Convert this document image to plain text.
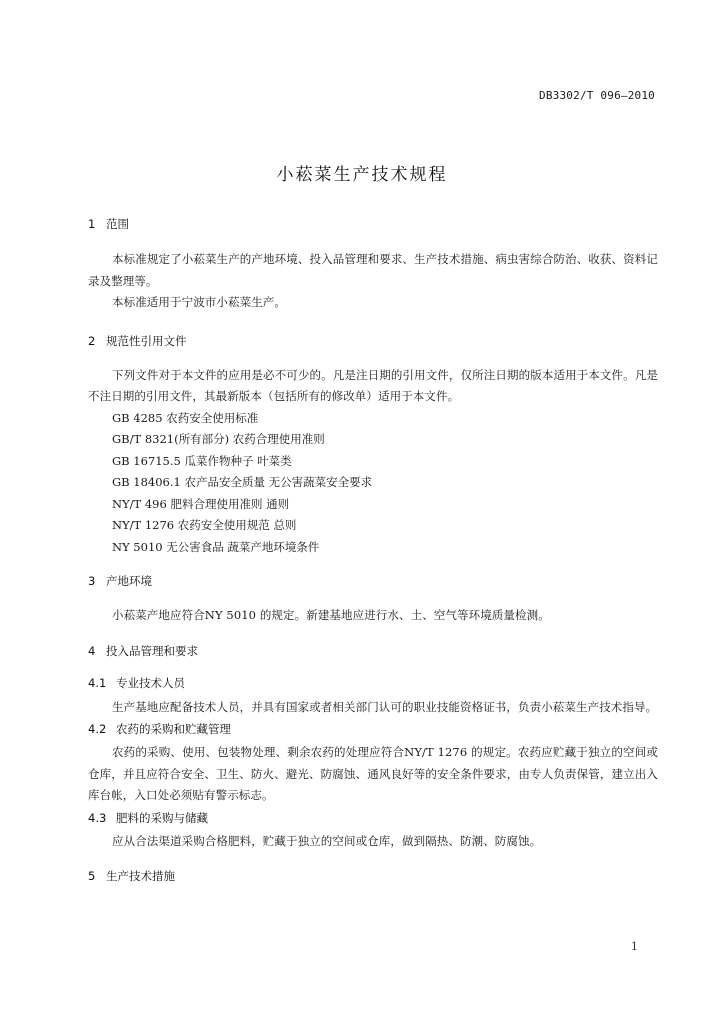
DB3302/T 096—2010
小菘菜生产技术规程
1 范围

本标准规定了小菘菜生产的产地环境、投入品管理和要求、生产技术措施、病虫害综合防治、收获、资料记录及整理等。

本标准适用于宁波市小菘菜生产。

2 规范性引用文件

下列文件对于本文件的应用是必不可少的。凡是注日期的引用文件，仅所注日期的版本适用于本文件。凡是不注日期的引用文件，其最新版本（包括所有的修改单）适用于本文件。

GB 4285 农药安全使用标准
GB/T 8321(所有部分) 农药合理使用准则
GB 16715.5 瓜菜作物种子 叶菜类
GB 18406.1 农产品安全质量 无公害蔬菜安全要求
NY/T 496 肥料合理使用准则 通则
NY/T 1276 农药安全使用规范 总则
NY 5010 无公害食品 蔬菜产地环境条件
3 产地环境

小菘菜产地应符合NY 5010 的规定。新建基地应进行水、土、空气等环境质量检测。

4 投入品管理和要求
4.1 专业技术人员

生产基地应配备技术人员，并具有国家或者相关部门认可的职业技能资格证书，负责小菘菜生产技术指导。

4.2 农药的采购和贮藏管理

农药的采购、使用、包装物处理、剩余农药的处理应符合NY/T 1276 的规定。农药应贮藏于独立的空间或仓库，并且应符合安全、卫生、防火、避光、防腐蚀、通风良好等的安全条件要求，由专人负责保管，建立出入库台帐，入口处必须贴有警示标志。

4.3 肥料的采购与储藏

应从合法渠道采购合格肥料，贮藏于独立的空间或仓库，做到隔热、防潮、防腐蚀。

5 生产技术措施
1
